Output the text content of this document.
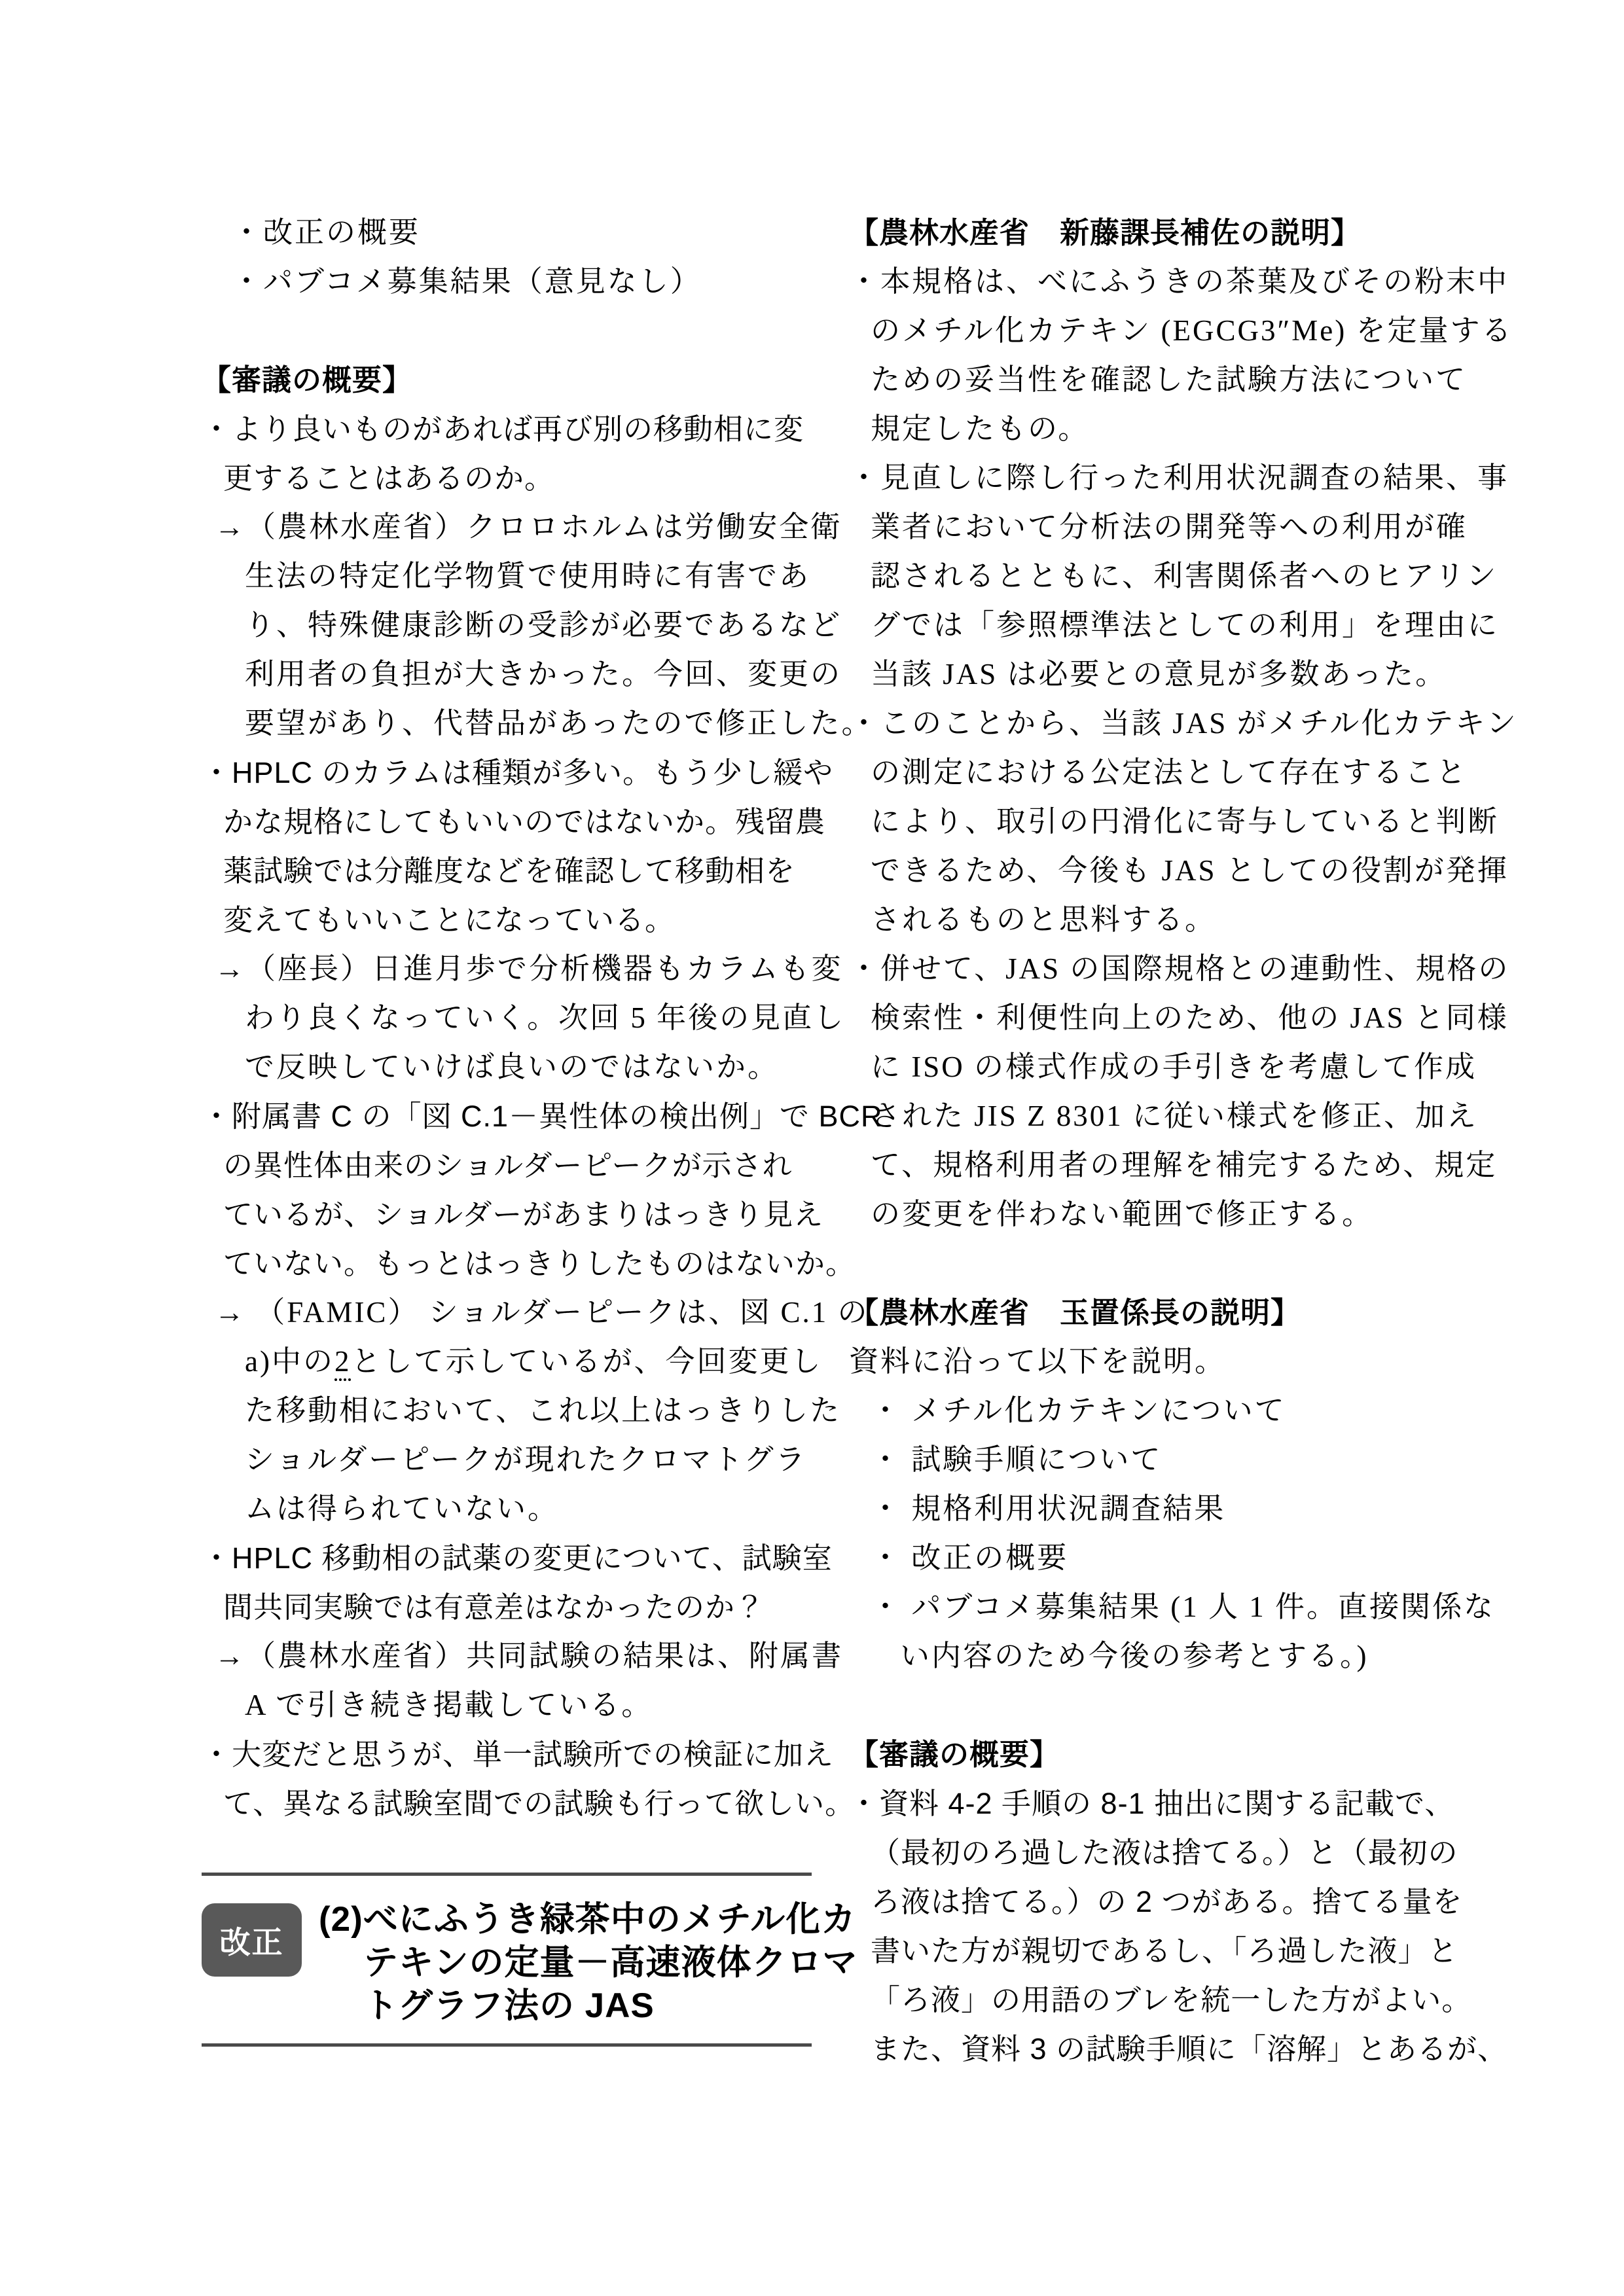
・改正の概要
・パブコメ募集結果（意見なし）
【審議の概要】
・より良いものがあれば再び別の移動相に変
更することはあるのか。
→（農林水産省）クロロホルムは労働安全衛
生法の特定化学物質で使用時に有害であ
り、特殊健康診断の受診が必要であるなど
利用者の負担が大きかった。今回、変更の
要望があり、代替品があったので修正した。
・HPLC のカラムは種類が多い。もう少し緩や
かな規格にしてもいいのではないか。残留農
薬試験では分離度などを確認して移動相を
変えてもいいことになっている。
→（座長）日進月歩で分析機器もカラムも変
わり良くなっていく。次回 5 年後の見直し
で反映していけば良いのではないか。
・附属書 C の「図 C.1－異性体の検出例」で BCR
の異性体由来のショルダーピークが示され
ているが、ショルダーがあまりはっきり見え
ていない。もっとはっきりしたものはないか。
→ （FAMIC） ショルダーピークは、図 C.1 の
a)中の2として示しているが、今回変更し
た移動相において、これ以上はっきりした
ショルダーピークが現れたクロマトグラ
ムは得られていない。
・HPLC 移動相の試薬の変更について、試験室
間共同実験では有意差はなかったのか？
→（農林水産省）共同試験の結果は、附属書
A で引き続き掲載している。
・大変だと思うが、単一試験所での検証に加え
て、異なる試験室間での試験も行って欲しい。
改正
(2)べにふうき緑茶中のメチル化カ
テキンの定量－高速液体クロマ
トグラフ法の JAS
【農林水産省　新藤課長補佐の説明】
・本規格は、べにふうきの茶葉及びその粉末中
のメチル化カテキン (EGCG3″Me) を定量する
ための妥当性を確認した試験方法について
規定したもの。
・見直しに際し行った利用状況調査の結果、事
業者において分析法の開発等への利用が確
認されるとともに、利害関係者へのヒアリン
グでは「参照標準法としての利用」を理由に
当該 JAS は必要との意見が多数あった。
・このことから、当該 JAS がメチル化カテキン
の測定における公定法として存在すること
により、取引の円滑化に寄与していると判断
できるため、今後も JAS としての役割が発揮
されるものと思料する。
・併せて、JAS の国際規格との連動性、規格の
検索性・利便性向上のため、他の JAS と同様
に ISO の様式作成の手引きを考慮して作成
された JIS Z 8301 に従い様式を修正、加え
て、規格利用者の理解を補完するため、規定
の変更を伴わない範囲で修正する。
【農林水産省　玉置係長の説明】
資料に沿って以下を説明。
・ メチル化カテキンについて
・ 試験手順について
・ 規格利用状況調査結果
・ 改正の概要
・ パブコメ募集結果 (1 人 1 件。直接関係な
い内容のため今後の参考とする。)
【審議の概要】
・資料 4-2 手順の 8-1 抽出に関する記載で、
（最初のろ過した液は捨てる。）と（最初の
ろ液は捨てる。）の 2 つがある。捨てる量を
書いた方が親切であるし、「ろ過した液」と
「ろ液」の用語のブレを統一した方がよい。
また、資料 3 の試験手順に「溶解」とあるが、
